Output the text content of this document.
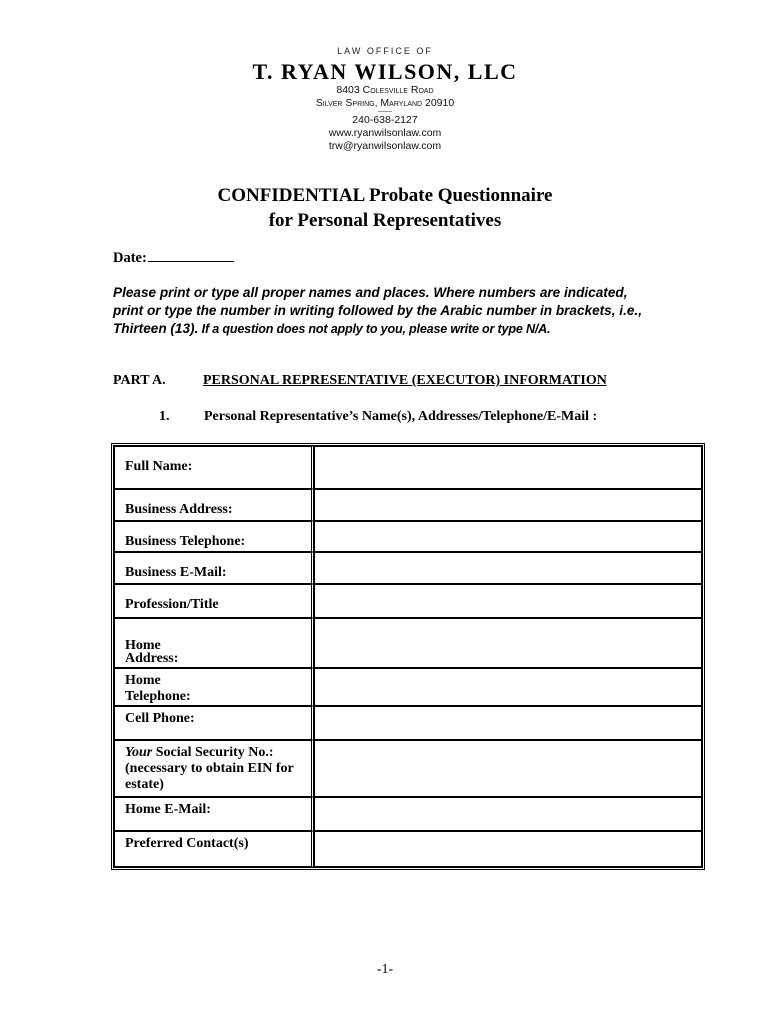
LAW OFFICE OF
T. RYAN WILSON, LLC
8403 Colesville Road
Silver Spring, Maryland 20910
240-638-2127
www.ryanwilsonlaw.com
trw@ryanwilsonlaw.com
CONFIDENTIAL Probate Questionnaire
for Personal Representatives
Date:
Please print or type all proper names and places. Where numbers are indicated, print or type the number in writing followed by the Arabic number in brackets, i.e., Thirteen (13). If a question does not apply to you, please write or type N/A.
PART A.	PERSONAL REPRESENTATIVE (EXECUTOR) INFORMATION
1. Personal Representative’s Name(s), Addresses/Telephone/E-Mail :
Full Name:	
Business Address:	
Business Telephone:	
Business E-Mail:	
Profession/Title	

Home
Address:	

Home
Telephone:	

Cell Phone:	
Your Social Security No.: (necessary to obtain EIN for estate)	
Home E-Mail:	
Preferred Contact(s)	
-1-
